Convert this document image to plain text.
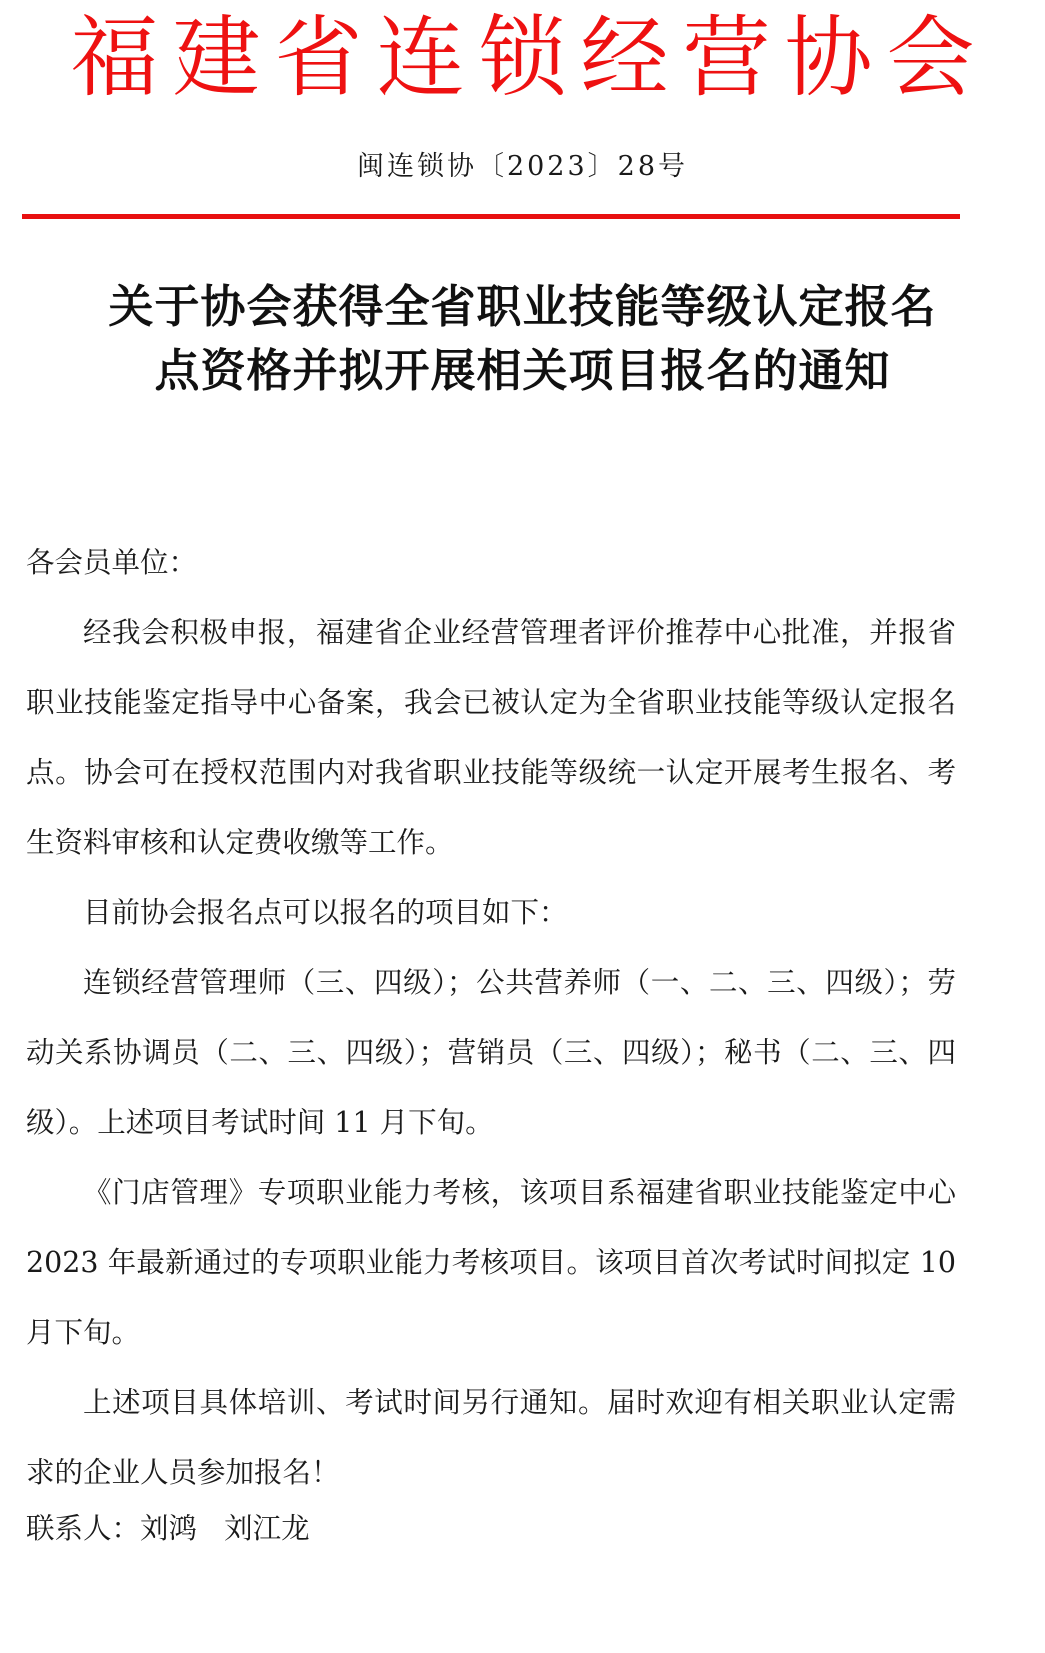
福建省连锁经营协会
闽连锁协〔2023〕28号
关于协会获得全省职业技能等级认定报名
点资格并拟开展相关项目报名的通知

各会员单位：

经我会积极申报，福建省企业经营管理者评价推荐中心批准，并报省职业技能鉴定指导中心备案，我会已被认定为全省职业技能等级认定报名点。协会可在授权范围内对我省职业技能等级统一认定开展考生报名、考生资料审核和认定费收缴等工作。

目前协会报名点可以报名的项目如下：

连锁经营管理师（三、四级）；公共营养师（一、二、三、四级）；劳动关系协调员（二、三、四级）；营销员（三、四级）；秘书（二、三、四级）。上述项目考试时间 11 月下旬。

《门店管理》专项职业能力考核，该项目系福建省职业技能鉴定中心 2023 年最新通过的专项职业能力考核项目。该项目首次考试时间拟定 10 月下旬。

上述项目具体培训、考试时间另行通知。届时欢迎有相关职业认定需求的企业人员参加报名！

联系人：刘鸿   刘江龙
